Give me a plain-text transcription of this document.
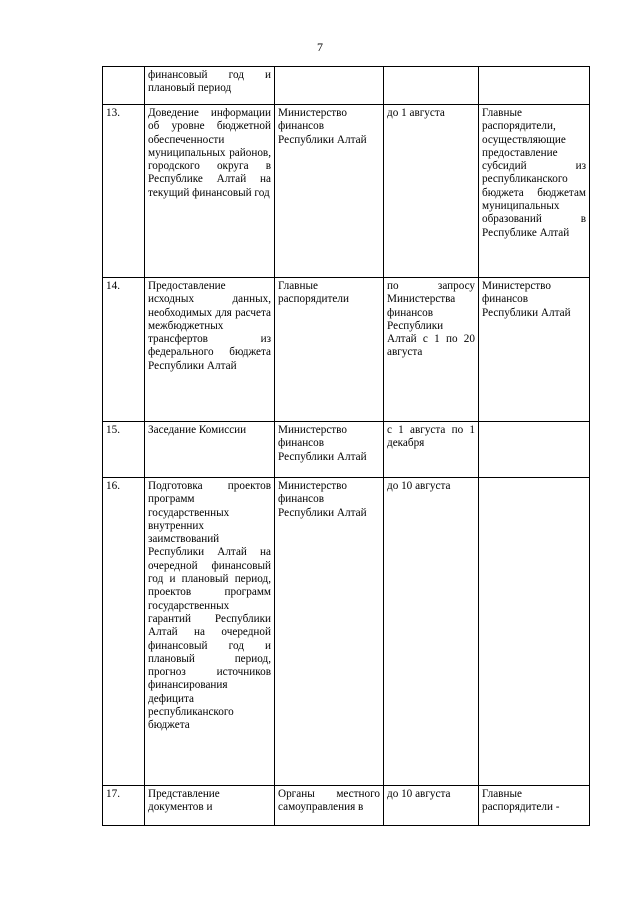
7
	финансовый год и плановый период			
13.	Доведение информации об уровне бюджетной обеспеченности муниципальных районов, городского округа в Республике Алтай на текущий финансовый год	Министерство финансов Республики Алтай	до 1 августа	Главные распорядители, осуществляющие предоставление субсидий из республиканского бюджета бюджетам муниципальных образований в Республике Алтай
14.	Предоставление исходных данных, необходимых для расчета межбюджетных трансфертов из федерального бюджета Республики Алтай	Главные распорядители	по запросу Министерства финансов Республики Алтай с 1 по 20 августа	Министерство финансов Республики Алтай
15.	Заседание Комиссии	Министерство финансов Республики Алтай	с 1 августа по 1 декабря	
16.	Подготовка проектов программ государственных внутренних заимствований Республики Алтай на очередной финансовый год и плановый период, проектов программ государственных гарантий Республики Алтай на очередной финансовый год и плановый период, прогноз источников финансирования дефицита республиканского бюджета	Министерство финансов Республики Алтай	до 10 августа	
17.	Представление документов и	Органы местного самоуправления в	до 10 августа	Главные распорядители -
